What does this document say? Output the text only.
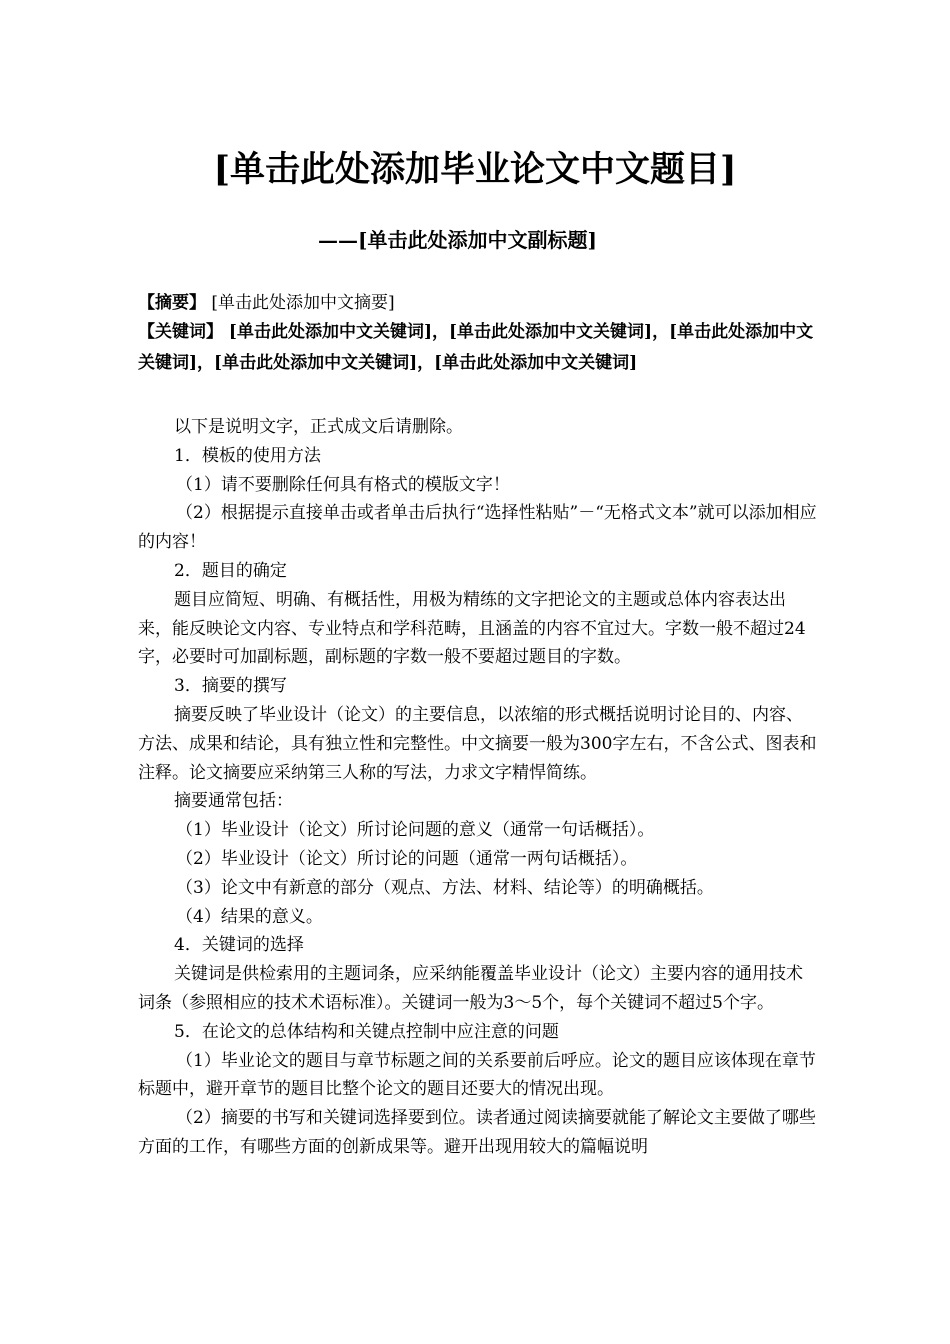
[单击此处添加毕业论文中文题目]
——[单击此处添加中文副标题]
【摘要】 [单击此处添加中文摘要]
【关键词】 [单击此处添加中文关键词]，[单击此处添加中文关键词]，[单击此处添加中文关键词]，[单击此处添加中文关键词]，[单击此处添加中文关键词]

以下是说明文字，正式成文后请删除。

1．模板的使用方法

（1）请不要删除任何具有格式的模版文字！

（2）根据提示直接单击或者单击后执行“选择性粘贴”－“无格式文本”就可以添加相应的内容！

2．题目的确定

题目应简短、明确、有概括性，用极为精练的文字把论文的主题或总体内容表达出来，能反映论文内容、专业特点和学科范畴，且涵盖的内容不宜过大。字数一般不超过24字，必要时可加副标题，副标题的字数一般不要超过题目的字数。

3．摘要的撰写

摘要反映了毕业设计（论文）的主要信息，以浓缩的形式概括说明讨论目的、内容、方法、成果和结论，具有独立性和完整性。中文摘要一般为300字左右，不含公式、图表和注释。论文摘要应采纳第三人称的写法，力求文字精悍简练。

摘要通常包括：

（1）毕业设计（论文）所讨论问题的意义（通常一句话概括）。

（2）毕业设计（论文）所讨论的问题（通常一两句话概括）。

（3）论文中有新意的部分（观点、方法、材料、结论等）的明确概括。

（4）结果的意义。

4．关键词的选择

关键词是供检索用的主题词条，应采纳能覆盖毕业设计（论文）主要内容的通用技术词条（参照相应的技术术语标准）。关键词一般为3～5个，每个关键词不超过5个字。

5．在论文的总体结构和关键点控制中应注意的问题

（1）毕业论文的题目与章节标题之间的关系要前后呼应。论文的题目应该体现在章节标题中，避开章节的题目比整个论文的题目还要大的情况出现。

（2）摘要的书写和关键词选择要到位。读者通过阅读摘要就能了解论文主要做了哪些方面的工作，有哪些方面的创新成果等。避开出现用较大的篇幅说明
